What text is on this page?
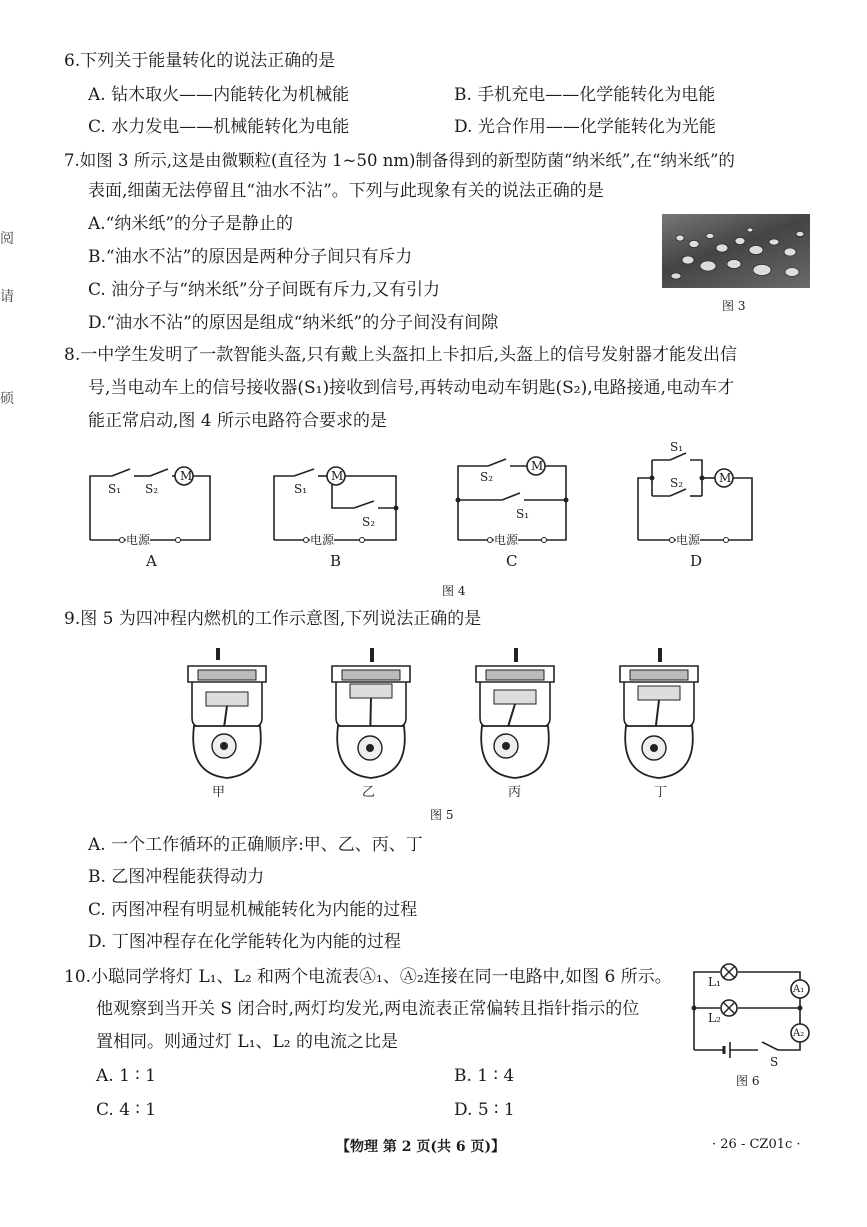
阅
请
硕
6.下列关于能量转化的说法正确的是
A. 钻木取火——内能转化为机械能	B. 手机充电——化学能转化为电能
C. 水力发电——机械能转化为电能	D. 光合作用——化学能转化为光能
7.如图 3 所示,这是由微颗粒(直径为 1~50 nm)制备得到的新型防菌“纳米纸”,在“纳米纸”的
表面,细菌无法停留且“油水不沾”。下列与此现象有关的说法正确的是
A.“纳米纸”的分子是静止的
B.“油水不沾”的原因是两种分子间只有斥力
C. 油分子与“纳米纸”分子间既有斥力,又有引力
D.“油水不沾”的原因是组成“纳米纸”的分子间没有间隙
图 3
8.一中学生发明了一款智能头盔,只有戴上头盔扣上卡扣后,头盔上的信号发射器才能发出信
号,当电动车上的信号接收器(S₁)接收到信号,再转动电动车钥匙(S₂),电路接通,电动车才
能正常启动,图 4 所示电路符合要求的是
M
S₁ S₂
电源
A
M
S₁
S₂
电源
B
M
S₂
S₁
电源
C
S₁
S₂	M
电源
D
图 4
9.图 5 为四冲程内燃机的工作示意图,下列说法正确的是
甲	乙	丙	丁
图 5
A. 一个工作循环的正确顺序:甲、乙、丙、丁
B. 乙图冲程能获得动力
C. 丙图冲程有明显机械能转化为内能的过程
D. 丁图冲程存在化学能转化为内能的过程
10.小聪同学将灯 L₁、L₂ 和两个电流表Ⓐ₁、Ⓐ₂连接在同一电路中,如图 6 所示。
他观察到当开关 S 闭合时,两灯均发光,两电流表正常偏转且指针指示的位
置相同。则通过灯 L₁、L₂ 的电流之比是
A. 1 ∶ 1	B. 1 ∶ 4
C. 4 ∶ 1	D. 5 ∶ 1
L₁
L₂
A₁
A₂
S
图 6
【物理 第 2 页(共 6 页)】	· 26 - CZ01c ·
